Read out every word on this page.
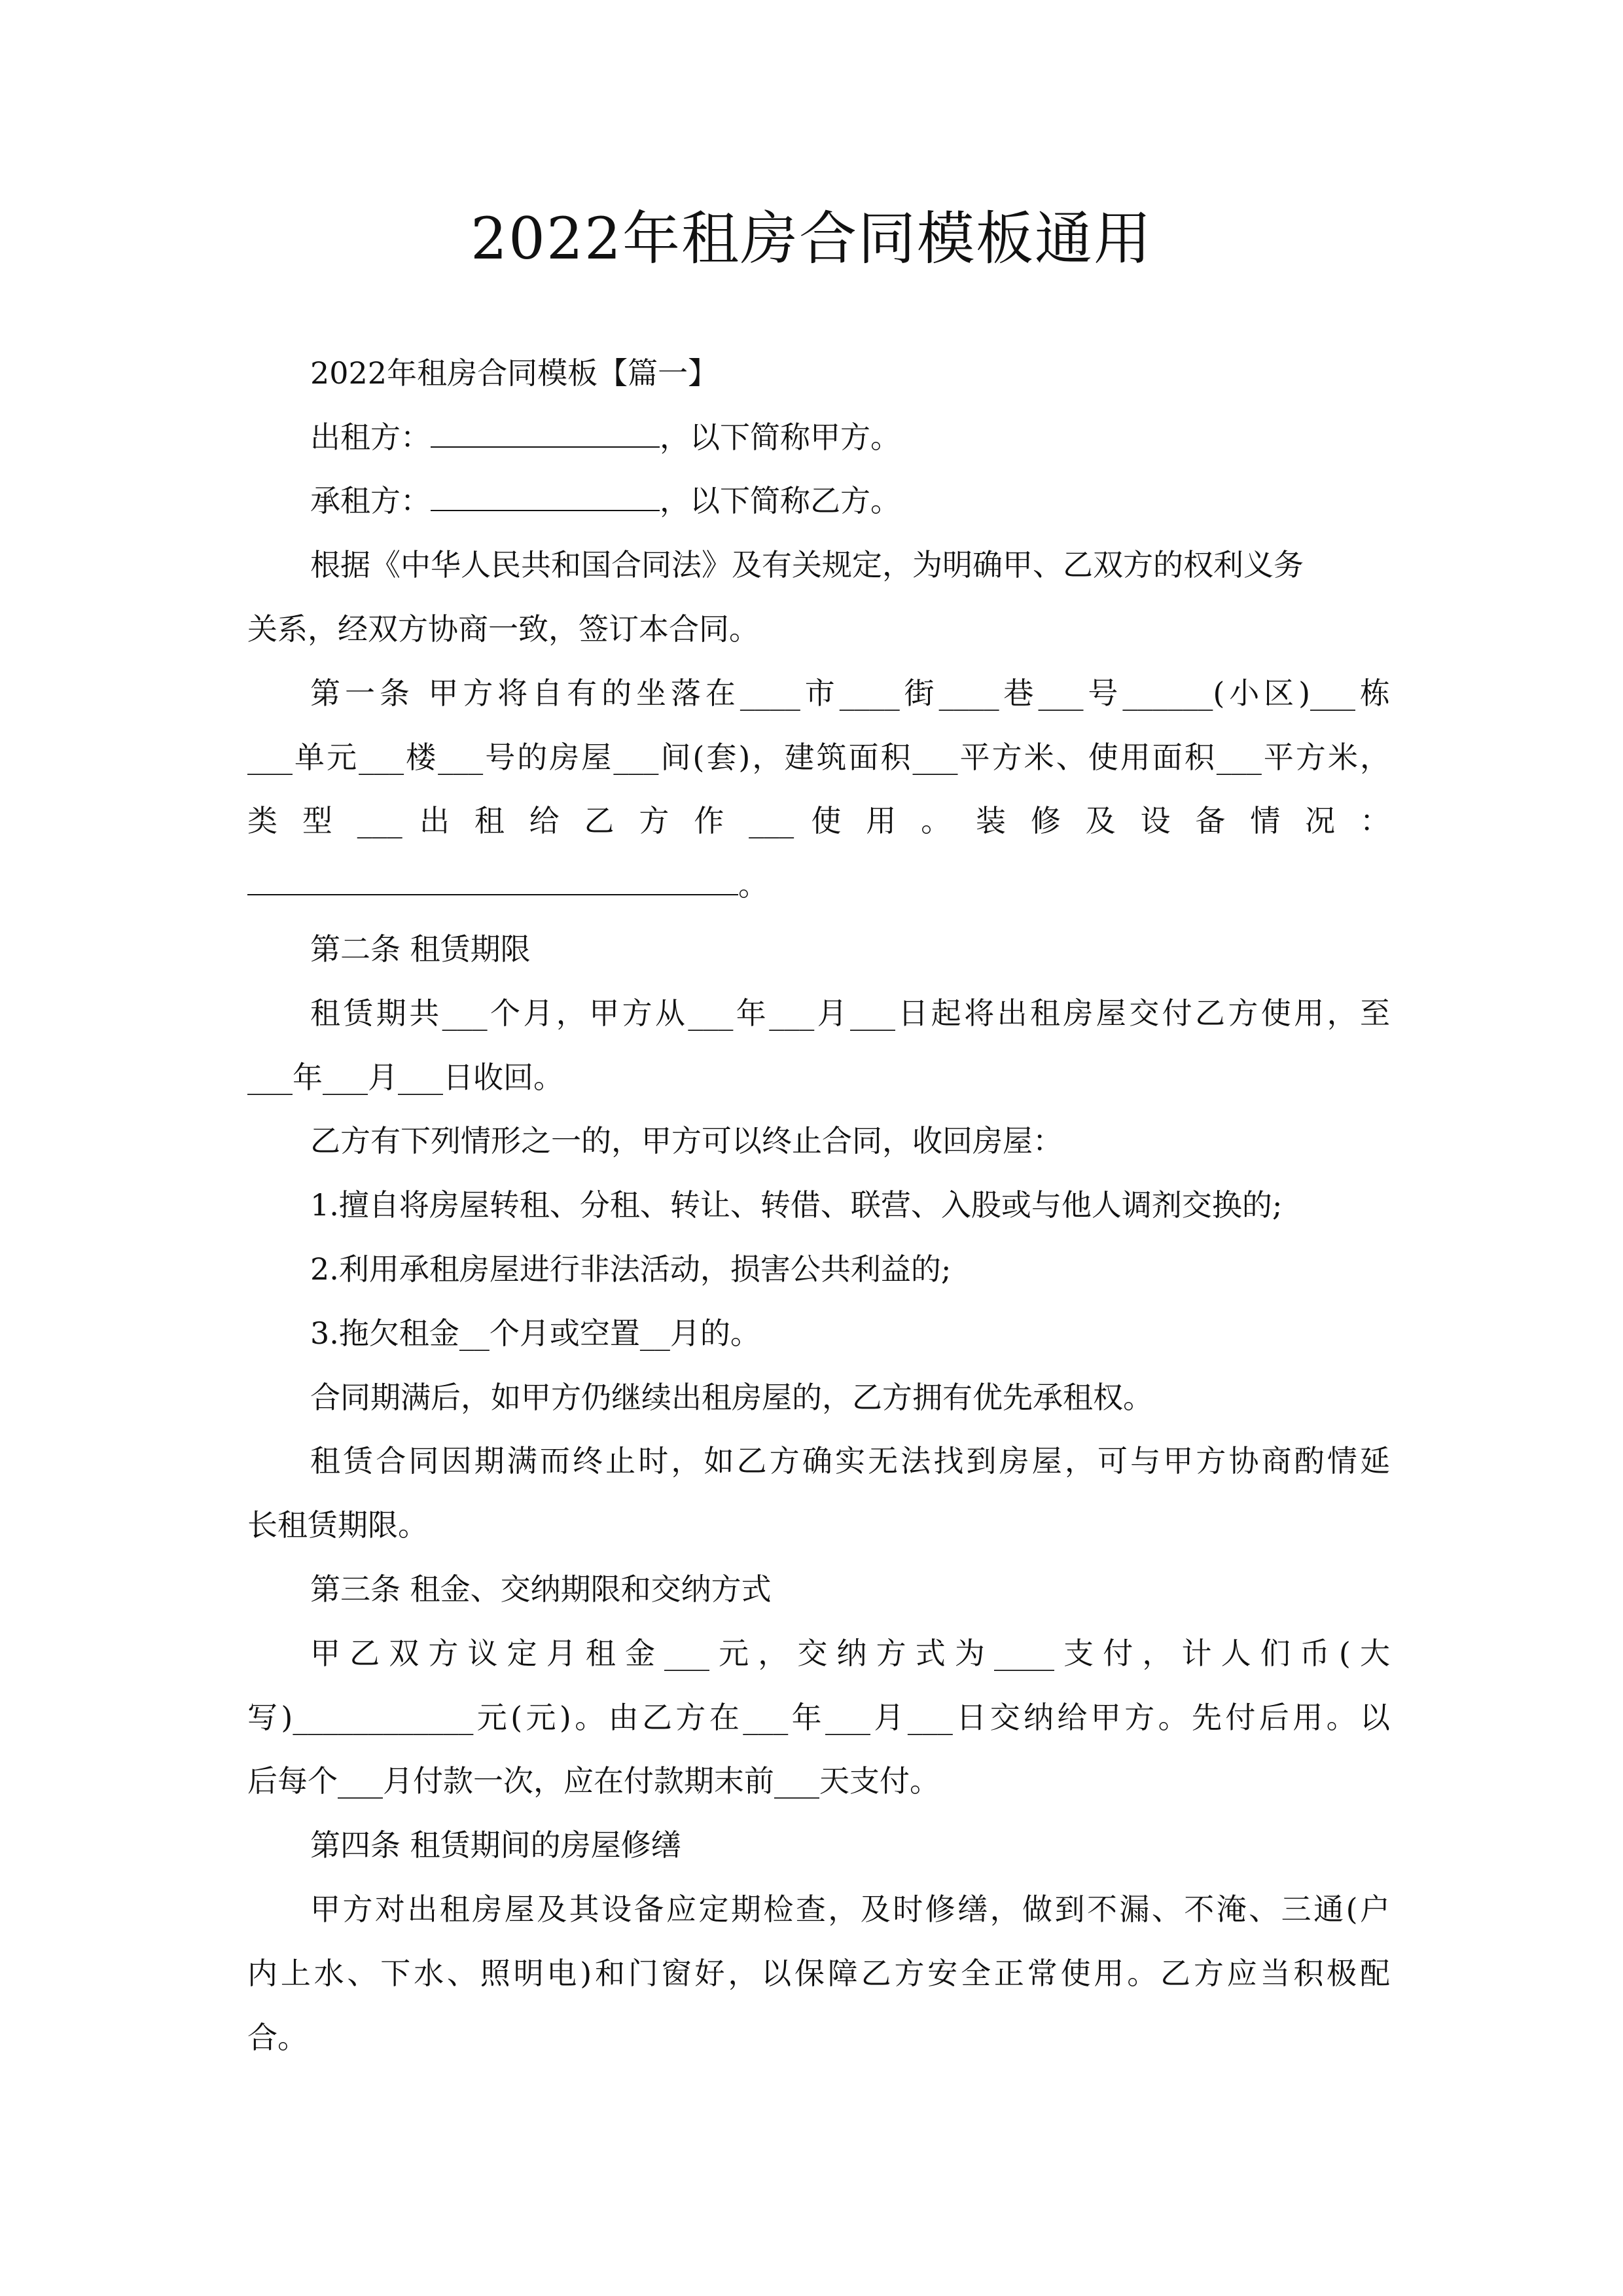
2022年租房合同模板通用
2022年租房合同模板【篇一】
出租方：	，以下简称甲方。
承租方：	，以下简称乙方。
根据《中华人民共和国合同法》及有关规定，为明确甲、乙双方的权利义务
关系，经双方协商一致，签订本合同。
第一条 甲方将自有的坐落在____市____街____巷___号______(小区)___栋
___单元___楼___号的房屋___间(套)，建筑面积___平方米、使用面积___平方米，
类 型 ___ 出 租 给 乙 方 作 ___ 使 用 。 装 修 及 设 备 情 况 ：
。
第二条 租赁期限
租赁期共___个月，甲方从___年___月___日起将出租房屋交付乙方使用，至
___年___月___日收回。
乙方有下列情形之一的，甲方可以终止合同，收回房屋：
1.擅自将房屋转租、分租、转让、转借、联营、入股或与他人调剂交换的;
2.利用承租房屋进行非法活动，损害公共利益的;
3.拖欠租金__个月或空置__月的。
合同期满后，如甲方仍继续出租房屋的，乙方拥有优先承租权。
租赁合同因期满而终止时，如乙方确实无法找到房屋，可与甲方协商酌情延
长租赁期限。
第三条 租金、交纳期限和交纳方式
甲乙双方议定月租金___元，交纳方式为____支付，计人们币(大
写)____________元(元)。由乙方在___年___月___日交纳给甲方。先付后用。以
后每个___月付款一次，应在付款期末前___天支付。
第四条 租赁期间的房屋修缮
甲方对出租房屋及其设备应定期检查，及时修缮，做到不漏、不淹、三通(户
内上水、下水、照明电)和门窗好，以保障乙方安全正常使用。乙方应当积极配
合。
